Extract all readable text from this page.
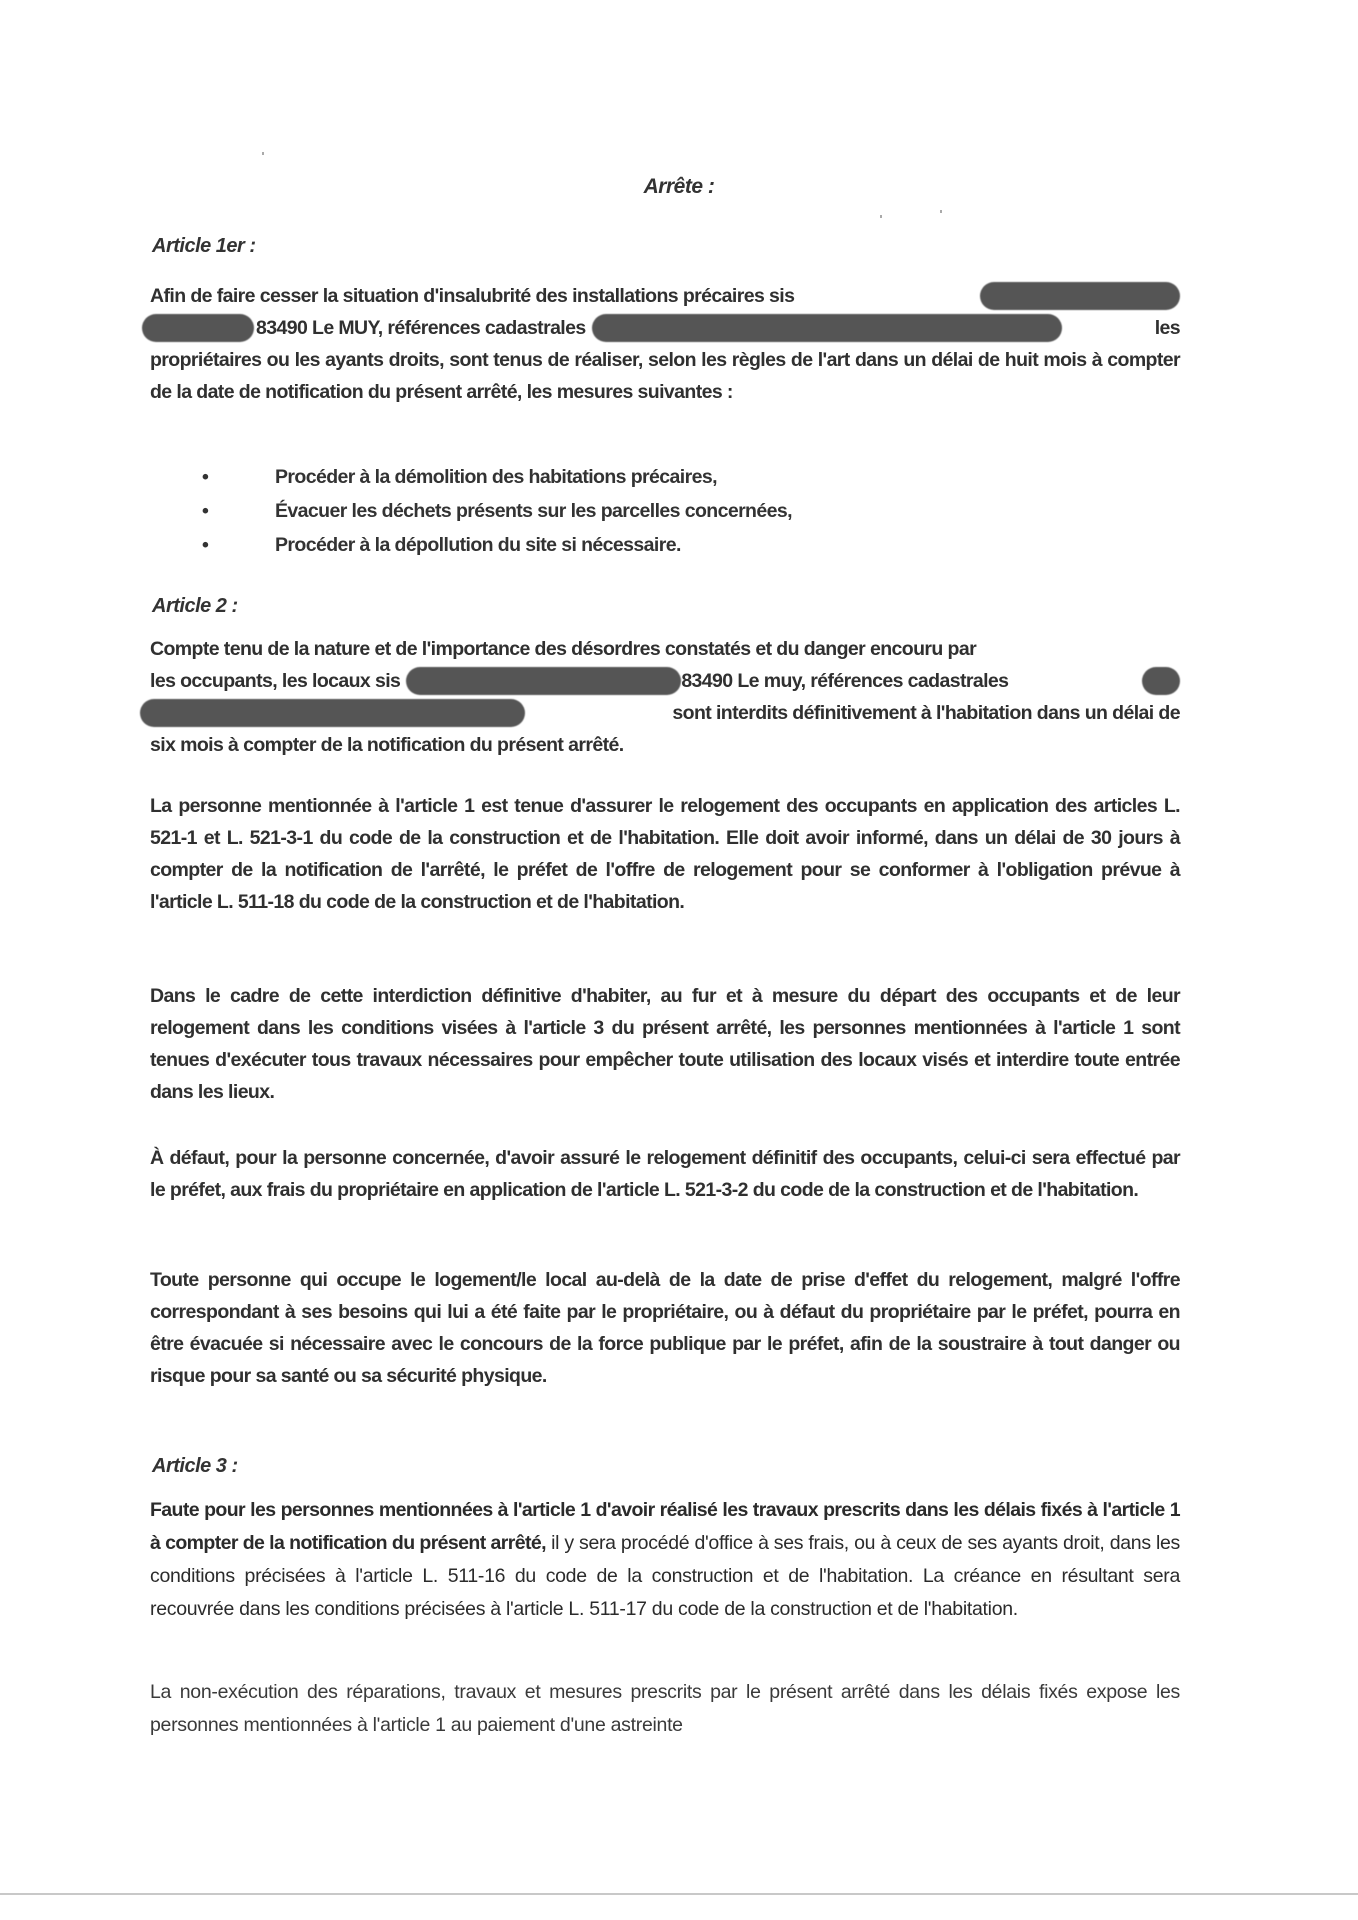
Arrête :
Article 1er :
Afin de faire cesser la situation d'insalubrité des installations précaires sis
83490 Le MUY, références cadastrales	les
propriétaires ou les ayants droits, sont tenus de réaliser, selon les règles de l'art dans un délai de huit mois à compter de la date de notification du présent arrêté, les mesures suivantes :
•	Procéder à la démolition des habitations précaires,
•	Évacuer les déchets présents sur les parcelles concernées,
•	Procéder à la dépollution du site si nécessaire.
Article 2 :
Compte tenu de la nature et de l'importance des désordres constatés et du danger encouru par
les occupants, les locaux sis	83490 Le muy, références cadastrales
sont interdits définitivement à l'habitation dans un délai de
six mois à compter de la notification du présent arrêté.
La personne mentionnée à l'article 1 est tenue d'assurer le relogement des occupants en application des articles L. 521-1 et L. 521-3-1 du code de la construction et de l'habitation. Elle doit avoir informé, dans un délai de 30 jours à compter de la notification de l'arrêté, le préfet de l'offre de relogement pour se conformer à l'obligation prévue à l'article L. 511-18 du code de la construction et de l'habitation.
Dans le cadre de cette interdiction définitive d'habiter, au fur et à mesure du départ des occupants et de leur relogement dans les conditions visées à l'article 3 du présent arrêté, les personnes mentionnées à l'article 1 sont tenues d'exécuter tous travaux nécessaires pour empêcher toute utilisation des locaux visés et interdire toute entrée dans les lieux.
À défaut, pour la personne concernée, d'avoir assuré le relogement définitif des occupants, celui-ci sera effectué par le préfet, aux frais du propriétaire en application de l'article L. 521-3-2 du code de la construction et de l'habitation.
Toute personne qui occupe le logement/le local au-delà de la date de prise d'effet du relogement, malgré l'offre correspondant à ses besoins qui lui a été faite par le propriétaire, ou à défaut du propriétaire par le préfet, pourra en être évacuée si nécessaire avec le concours de la force publique par le préfet, afin de la soustraire à tout danger ou risque pour sa santé ou sa sécurité physique.
Article 3 :
Faute pour les personnes mentionnées à l'article 1 d'avoir réalisé les travaux prescrits dans les délais fixés à l'article 1 à compter de la notification du présent arrêté, il y sera procédé d'office à ses frais, ou à ceux de ses ayants droit, dans les conditions précisées à l'article L. 511-16 du code de la construction et de l'habitation. La créance en résultant sera recouvrée dans les conditions précisées à l'article L. 511-17 du code de la construction et de l'habitation.
La non-exécution des réparations, travaux et mesures prescrits par le présent arrêté dans les délais fixés expose les personnes mentionnées à l'article 1 au paiement d'une astreinte
